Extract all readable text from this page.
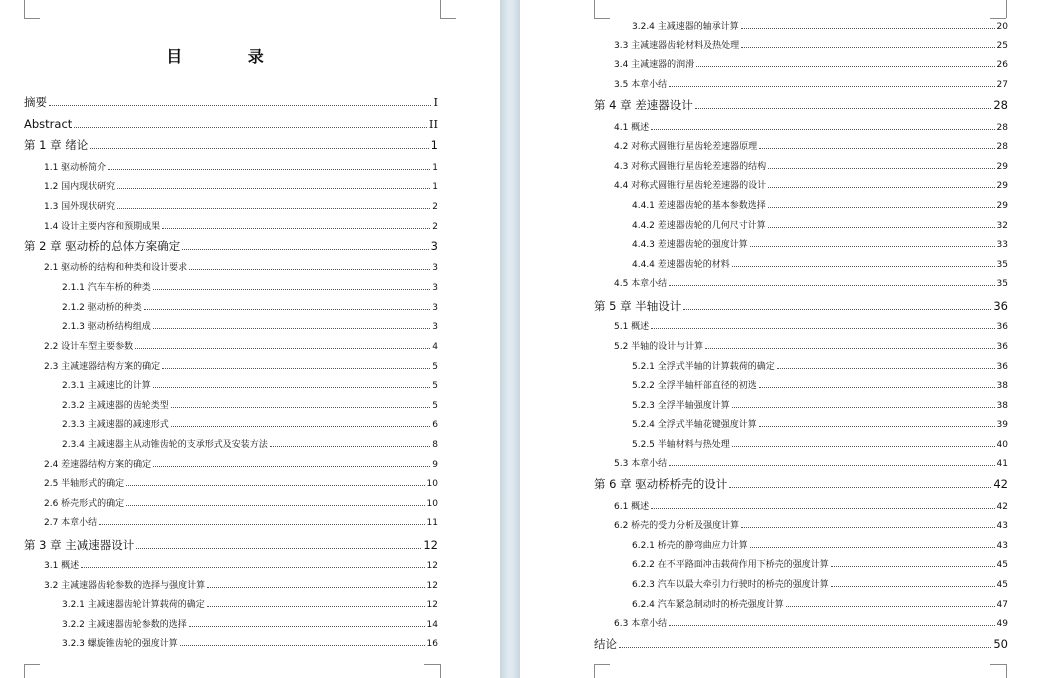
目 录
摘要	I
Abstract	II
第 1 章 绪论	1
1.1 驱动桥简介	1
1.2 国内现状研究	1
1.3 国外现状研究	2
1.4 设计主要内容和预期成果	2
第 2 章 驱动桥的总体方案确定	3
2.1 驱动桥的结构和种类和设计要求	3
2.1.1 汽车车桥的种类	3
2.1.2 驱动桥的种类	3
2.1.3 驱动桥结构组成	3
2.2 设计车型主要参数	4
2.3 主减速器结构方案的确定	5
2.3.1 主减速比的计算	5
2.3.2 主减速器的齿轮类型	5
2.3.3 主减速器的减速形式	6
2.3.4 主减速器主从动锥齿轮的支承形式及安装方法	8
2.4 差速器结构方案的确定	9
2.5 半轴形式的确定	10
2.6 桥壳形式的确定	10
2.7 本章小结	11
第 3 章 主减速器设计	12
3.1 概述	12
3.2 主减速器齿轮参数的选择与强度计算	12
3.2.1 主减速器齿轮计算载荷的确定	12
3.2.2 主减速器齿轮参数的选择	14
3.2.3 螺旋锥齿轮的强度计算	16
3.2.4 主减速器的轴承计算	20
3.3 主减速器齿轮材料及热处理	25
3.4 主减速器的润滑	26
3.5 本章小结	27
第 4 章 差速器设计	28
4.1 概述	28
4.2 对称式圆锥行星齿轮差速器原理	28
4.3 对称式圆锥行星齿轮差速器的结构	29
4.4 对称式圆锥行星齿轮差速器的设计	29
4.4.1 差速器齿轮的基本参数选择	29
4.4.2 差速器齿轮的几何尺寸计算	32
4.4.3 差速器齿轮的强度计算	33
4.4.4 差速器齿轮的材料	35
4.5 本章小结	35
第 5 章 半轴设计	36
5.1 概述	36
5.2 半轴的设计与计算	36
5.2.1 全浮式半轴的计算载荷的确定	36
5.2.2 全浮半轴杆部直径的初选	38
5.2.3 全浮半轴强度计算	38
5.2.4 全浮式半轴花键强度计算	39
5.2.5 半轴材料与热处理	40
5.3 本章小结	41
第 6 章 驱动桥桥壳的设计	42
6.1 概述	42
6.2 桥壳的受力分析及强度计算	43
6.2.1 桥壳的静弯曲应力计算	43
6.2.2 在不平路面冲击载荷作用下桥壳的强度计算	45
6.2.3 汽车以最大牵引力行驶时的桥壳的强度计算	45
6.2.4 汽车紧急制动时的桥壳强度计算	47
6.3 本章小结	49
结论	50
